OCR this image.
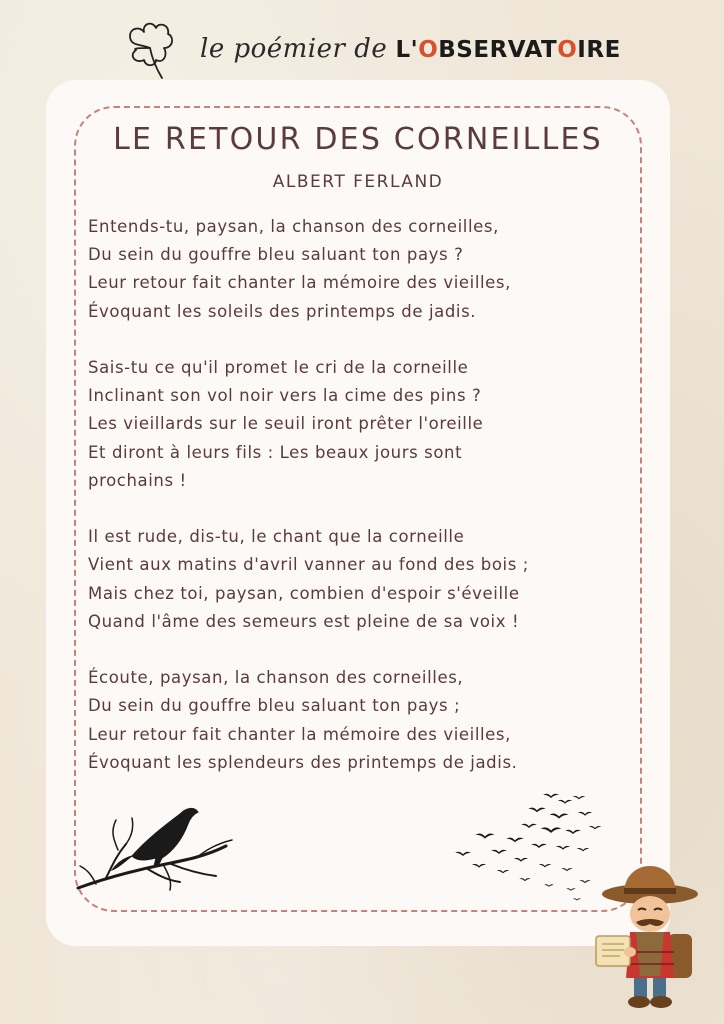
le poémier de L'OBSERVATOIRE
LE RETOUR DES CORNEILLES
ALBERT FERLAND
Entends-tu, paysan, la chanson des corneilles,
Du sein du gouffre bleu saluant ton pays ?
Leur retour fait chanter la mémoire des vieilles,
Évoquant les soleils des printemps de jadis.
Sais-tu ce qu'il promet le cri de la corneille
Inclinant son vol noir vers la cime des pins ?
Les vieillards sur le seuil iront prêter l'oreille
Et diront à leurs fils : Les beaux jours sont
prochains !
Il est rude, dis-tu, le chant que la corneille
Vient aux matins d'avril vanner au fond des bois ;
Mais chez toi, paysan, combien d'espoir s'éveille
Quand l'âme des semeurs est pleine de sa voix !
Écoute, paysan, la chanson des corneilles,
Du sein du gouffre bleu saluant ton pays ;
Leur retour fait chanter la mémoire des vieilles,
Évoquant les splendeurs des printemps de jadis.
